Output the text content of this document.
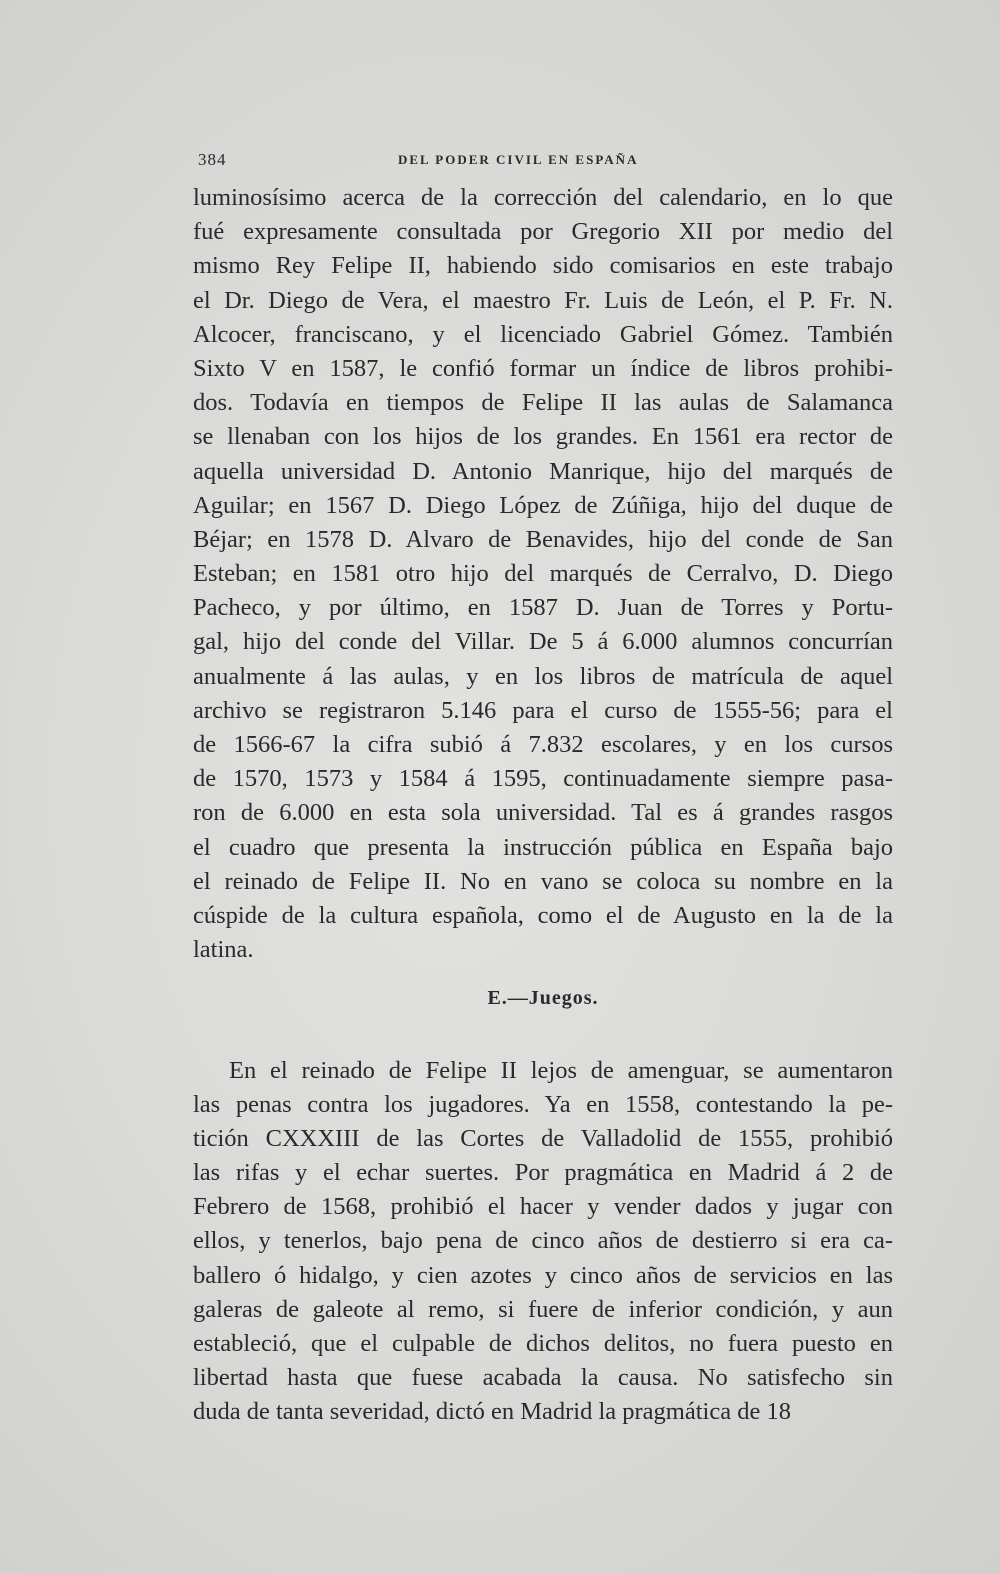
384	DEL PODER CIVIL EN ESPAÑA
luminosísimo acerca de la corrección del calendario, en lo que
fué expresamente consultada por Gregorio XII por medio del
mismo Rey Felipe II, habiendo sido comisarios en este trabajo
el Dr. Diego de Vera, el maestro Fr. Luis de León, el P. Fr. N.
Alcocer, franciscano, y el licenciado Gabriel Gómez. También
Sixto V en 1587, le confió formar un índice de libros prohibi-
dos. Todavía en tiempos de Felipe II las aulas de Salamanca
se llenaban con los hijos de los grandes. En 1561 era rector de
aquella universidad D. Antonio Manrique, hijo del marqués de
Aguilar; en 1567 D. Diego López de Zúñiga, hijo del duque de
Béjar; en 1578 D. Alvaro de Benavides, hijo del conde de San
Esteban; en 1581 otro hijo del marqués de Cerralvo, D. Diego
Pacheco, y por último, en 1587 D. Juan de Torres y Portu-
gal, hijo del conde del Villar. De 5 á 6.000 alumnos concurrían
anualmente á las aulas, y en los libros de matrícula de aquel
archivo se registraron 5.146 para el curso de 1555-56; para el
de 1566-67 la cifra subió á 7.832 escolares, y en los cursos
de 1570, 1573 y 1584 á 1595, continuadamente siempre pasa-
ron de 6.000 en esta sola universidad. Tal es á grandes rasgos
el cuadro que presenta la instrucción pública en España bajo
el reinado de Felipe II. No en vano se coloca su nombre en la
cúspide de la cultura española, como el de Augusto en la de la
latina.
E.—Juegos.
En el reinado de Felipe II lejos de amenguar, se aumentaron
las penas contra los jugadores. Ya en 1558, contestando la pe-
tición CXXXIII de las Cortes de Valladolid de 1555, prohibió
las rifas y el echar suertes. Por pragmática en Madrid á 2 de
Febrero de 1568, prohibió el hacer y vender dados y jugar con
ellos, y tenerlos, bajo pena de cinco años de destierro si era ca-
ballero ó hidalgo, y cien azotes y cinco años de servicios en las
galeras de galeote al remo, si fuere de inferior condición, y aun
estableció, que el culpable de dichos delitos, no fuera puesto en
libertad hasta que fuese acabada la causa. No satisfecho sin
duda de tanta severidad, dictó en Madrid la pragmática de 18
